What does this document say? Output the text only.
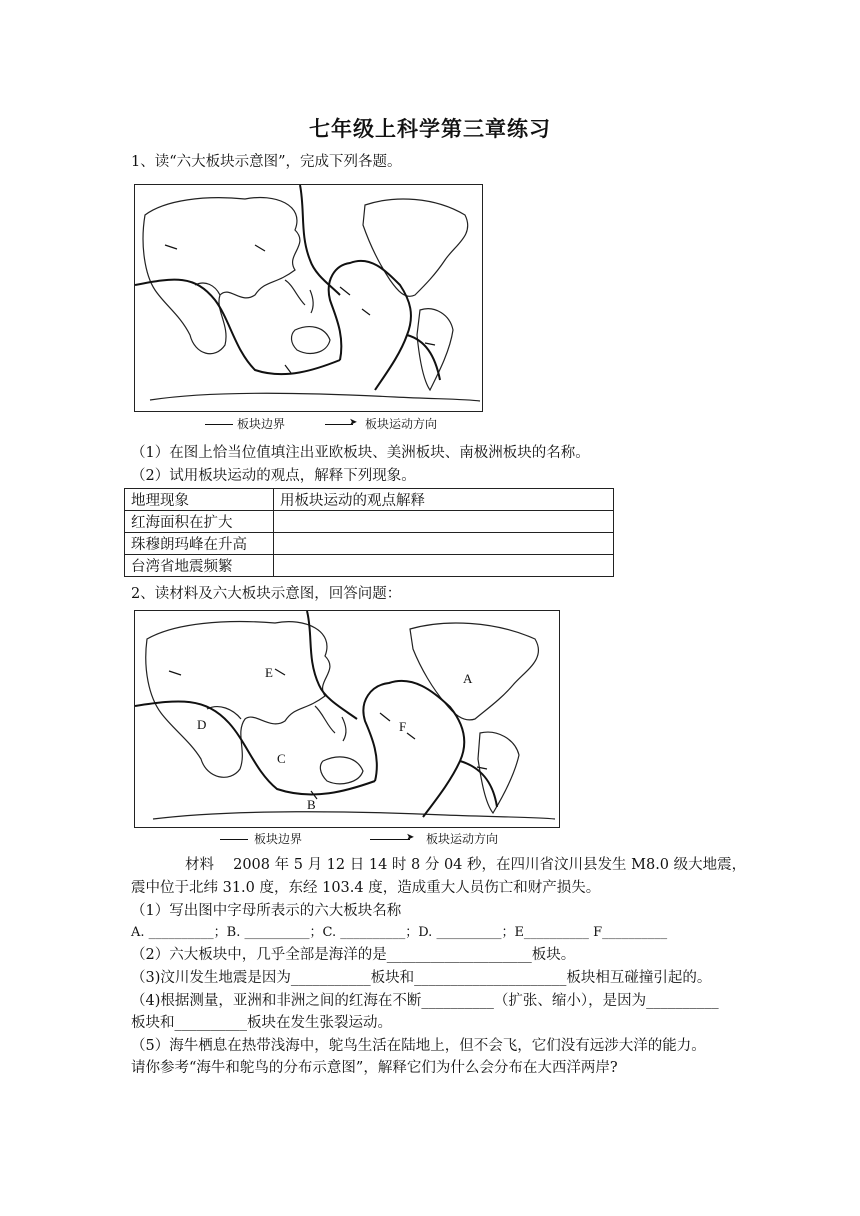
七年级上科学第三章练习
1、读“六大板块示意图”，完成下列各题。
板块边界	➤ 板块运动方向
（1）在图上恰当位值填注出亚欧板块、美洲板块、南极洲板块的名称。
（2）试用板块运动的观点，解释下列现象。
地理现象	用板块运动的观点解释
红海面积在扩大	
珠穆朗玛峰在升高	
台湾省地震频繁	
2、读材料及六大板块示意图，回答问题：
A
B
C
D
E
F
板块边界	➤ 板块运动方向
材料　 2008 年 5 月 12 日 14 时 8 分 04 秒，在四川省汶川县发生 M8.0 级大地震，
震中位于北纬 31.0 度，东经 103.4 度，造成重大人员伤亡和财产损失。
（1）写出图中字母所表示的六大板块名称
A. __________；B. __________；C. __________；D. __________；E__________ F__________
（2）六大板块中，几乎全部是海洋的是____________________板块。
（3)汶川发生地震是因为___________板块和_____________________板块相互碰撞引起的。
（4)根据测量，亚洲和非洲之间的红海在不断__________（扩张、缩小），是因为__________
板块和__________板块在发生张裂运动。
（5）海牛栖息在热带浅海中，鸵鸟生活在陆地上，但不会飞，它们没有远涉大洋的能力。
请你参考“海牛和鸵鸟的分布示意图”，解释它们为什么会分布在大西洋两岸?
